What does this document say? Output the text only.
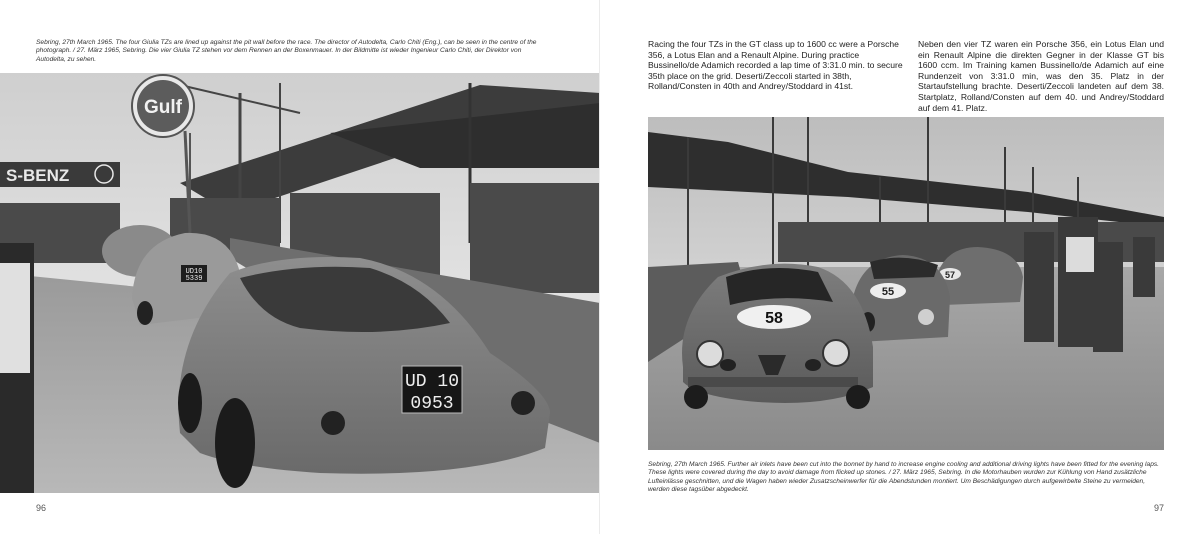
Sebring, 27th March 1965. The four Giulia TZs are lined up against the pit wall before the race. The director of Autodelta, Carlo Chiti (Eng.), can be seen in the centre of the photograph. / 27. März 1965, Sebring. Die vier Giulia TZ stehen vor dem Rennen an der Boxenmauer. In der Bildmitte ist wieder Ingenieur Carlo Chiti, der Direktor von Autodelta, zu sehen.
Gulf
S-BENZ
UD10
5339
UD 10
0953
96
Racing the four TZs in the GT class up to 1600 cc were a Porsche 356, a Lotus Elan and a Renault Alpine. During practice Bussinello/de Adamich recorded a lap time of 3:31.0 min. to secure 35th place on the grid. Deserti/Zeccoli started in 38th, Rolland/Consten in 40th and Andrey/Stoddard in 41st.
Neben den vier TZ waren ein Porsche 356, ein Lotus Elan und ein Renault Alpine die direkten Gegner in der Klasse GT bis 1600 ccm. Im Training kamen Bussinello/de Adamich auf eine Rundenzeit von 3:31.0 min, was den 35. Platz in der Startaufstellung brachte. Deserti/Zeccoli landeten auf dem 38. Startplatz, Rolland/Consten auf dem 40. und Andrey/Stoddard auf dem 41. Platz.
57
55
58
Sebring, 27th March 1965. Further air inlets have been cut into the bonnet by hand to increase engine cooling and additional driving lights have been fitted for the evening laps. These lights were covered during the day to avoid damage from flicked up stones. / 27. März 1965, Sebring. In die Motorhauben wurden zur Kühlung von Hand zusätzliche Lufteinlässe geschnitten, und die Wagen haben wieder Zusatzscheinwerfer für die Abendstunden montiert. Um Beschädigungen durch aufgewirbelte Steine zu vermeiden, werden diese tagsüber abgedeckt.
97
